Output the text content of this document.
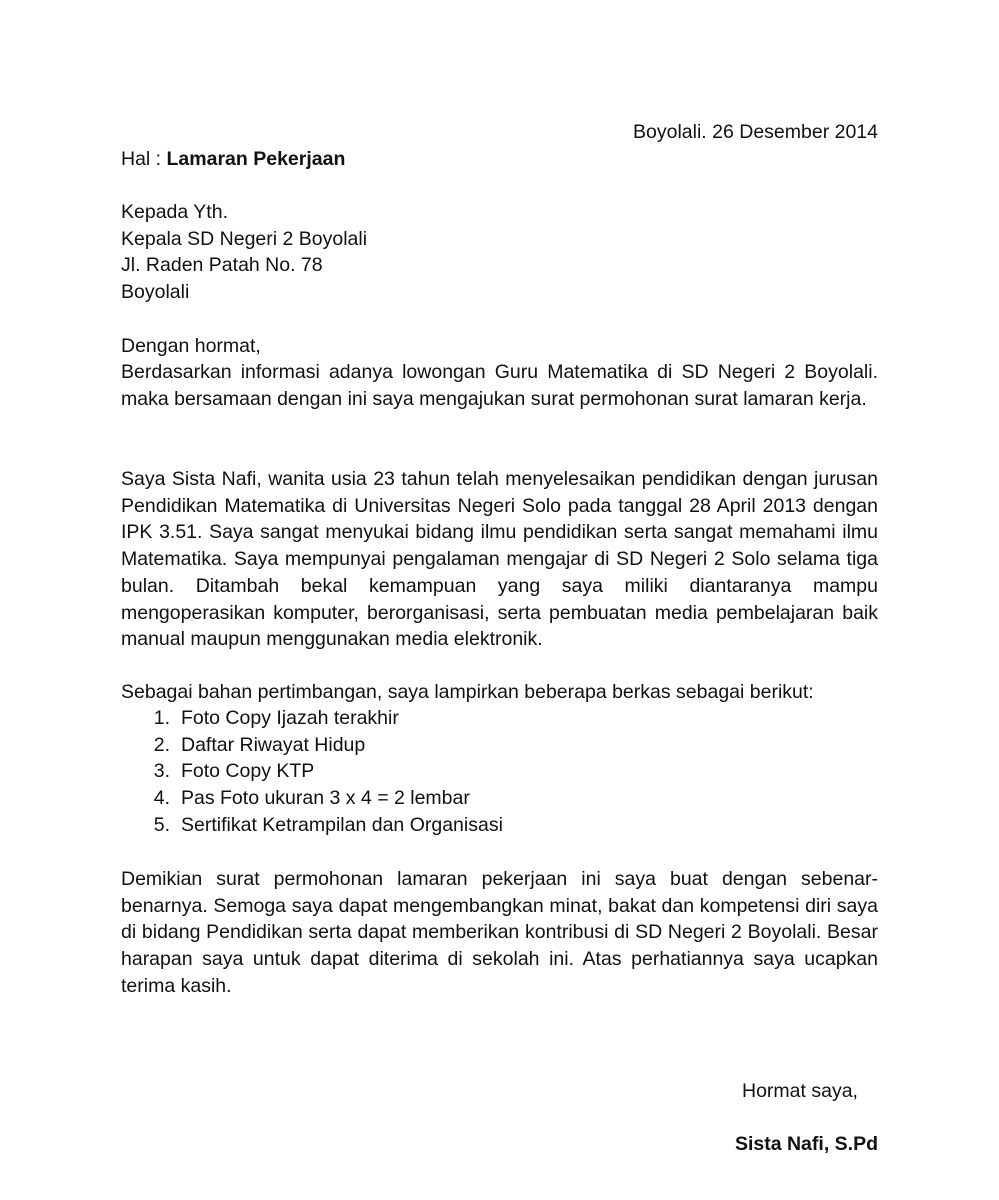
Boyolali. 26 Desember 2014
Hal : Lamaran Pekerjaan
Kepada Yth.
Kepala SD Negeri 2 Boyolali
Jl. Raden Patah No. 78
Boyolali
Dengan hormat,

Berdasarkan informasi adanya lowongan Guru Matematika di SD Negeri 2 Boyolali. maka bersamaan dengan ini saya mengajukan surat permohonan surat lamaran kerja.

Saya Sista Nafi, wanita usia 23 tahun telah menyelesaikan pendidikan dengan jurusan Pendidikan Matematika di Universitas Negeri Solo pada tanggal 28 April 2013 dengan IPK 3.51. Saya sangat menyukai bidang ilmu pendidikan serta sangat memahami ilmu Matematika. Saya mempunyai pengalaman mengajar di SD Negeri 2 Solo selama tiga bulan. Ditambah bekal kemampuan yang saya miliki diantaranya mampu mengoperasikan komputer, berorganisasi, serta pembuatan media pembelajaran baik manual maupun menggunakan media elektronik.

Sebagai bahan pertimbangan, saya lampirkan beberapa berkas sebagai berikut:
1. Foto Copy Ijazah terakhir
2. Daftar Riwayat Hidup
3. Foto Copy KTP
4. Pas Foto ukuran 3 x 4 = 2 lembar
5. Sertifikat Ketrampilan dan Organisasi

Demikian surat permohonan lamaran pekerjaan ini saya buat dengan sebenar-benarnya. Semoga saya dapat mengembangkan minat, bakat dan kompetensi diri saya di bidang Pendidikan serta dapat memberikan kontribusi di SD Negeri 2 Boyolali. Besar harapan saya untuk dapat diterima di sekolah ini. Atas perhatiannya saya ucapkan terima kasih.

Hormat saya,
Sista Nafi, S.Pd
